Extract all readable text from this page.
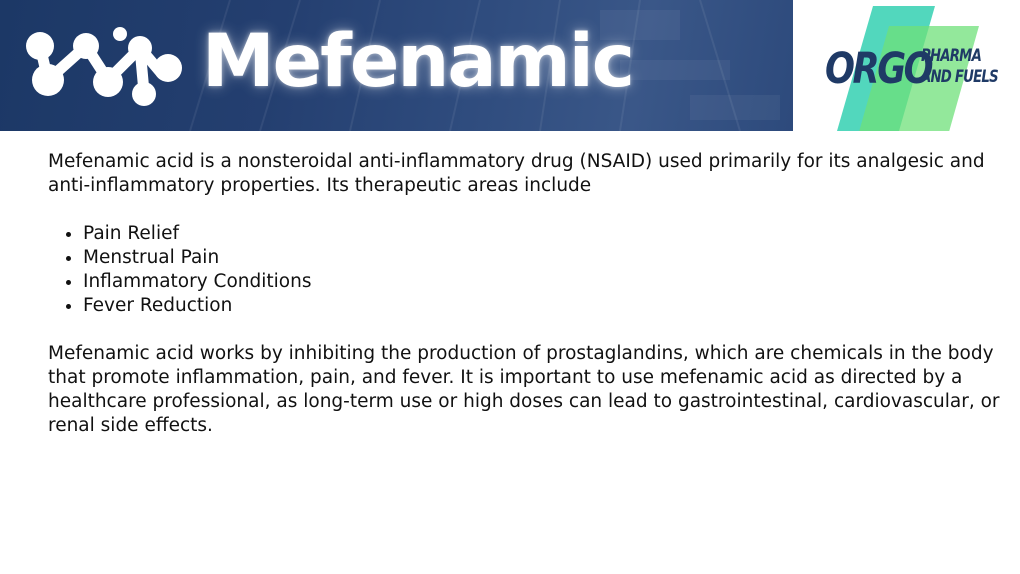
Mefenamic	ORGO
PHARMA
AND FUELS

Mefenamic acid is a nonsteroidal anti-inflammatory drug (NSAID) used primarily for its analgesic and anti-inflammatory properties. Its therapeutic areas include

• Pain Relief
• Menstrual Pain
• Inflammatory Conditions
• Fever Reduction

Mefenamic acid works by inhibiting the production of prostaglandins, which are chemicals in the body that promote inflammation, pain, and fever. It is important to use mefenamic acid as directed by a healthcare professional, as long-term use or high doses can lead to gastrointestinal, cardiovascular, or renal side effects.
